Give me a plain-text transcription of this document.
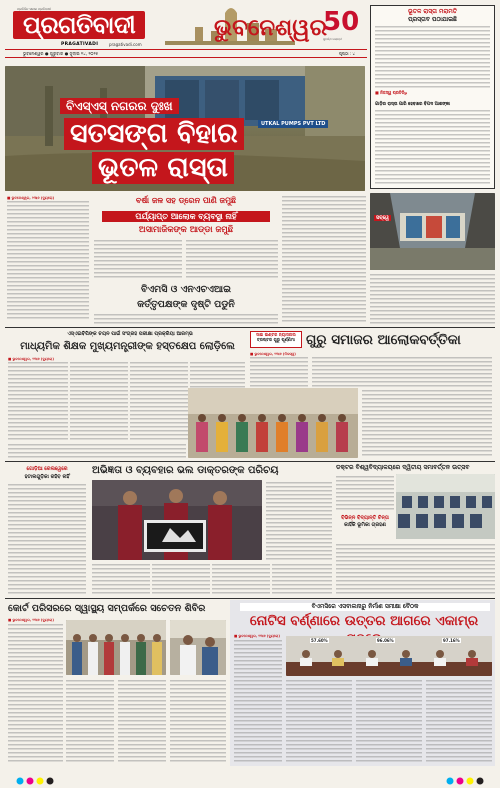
ପ୍ରତିଦିନ ସକାଳ ପ୍ରତିବାଦୀ
ପ୍ରଗତିବାଦୀ
PRAGATIVADI	pragativadi.com
ଭୁବନେଶ୍ୱର
50
ସୁବର୍ଣ୍ଣ ଜୟନ୍ତୀ
ଭୁବନେଶ୍ୱର ● ଗୁରୁବାର ● ଜୁଲାଇ ୨୪, ୨୦୨୫	ପୃଷ୍ଠା : ୪
ଭୂତଳ ରାସ୍ତା ମରାମତି
ପ୍ରସ୍ତାବ ପଠାଯାଇଛି
■ ନିଜସ୍ୱ ପ୍ରତିନିଧି
ଗାଡ଼ିର ରାସ୍ତା ପାରି ହେବାରେ ବିପଦ ଆଶଙ୍କା
UTKAL PUMPS PVT LTD
ବିଏସ୍ଏସ୍ ନଗରର ଦୁଃଖ
ସତସଙ୍ଗ ବିହାର
ଭୂତଳ ରାସ୍ତା
■ ଭୁବନେଶ୍ୱର, ୨୩ା୭ (ବ୍ୟୁରୋ)	ବର୍ଷା ଜଳ ସହ ଡ୍ରେନ ପାଣି ଜମୁଛି
ପର୍ଯ୍ୟାପ୍ତ ଆଲୋକ ବ୍ୟବସ୍ଥା ନାହିଁ
ଅସାମାଜିକଙ୍କ ଆଡ୍ଡା ଜମୁଛି
ବିଏମସି ଓ ଏନଏଚଏଆଇ
କର୍ତ୍ତୃପକ୍ଷଙ୍କ ଦୃଷ୍ଟି ପଡୁନି
ସବ୍‌ୱେ
ଏସ୍‌ଏଇବିପିଙ୍କ ଚୟନ ପାଇଁ ସଂଗ୍ରହ ପରୀକ୍ଷା ପ୍ରକ୍ରିୟା ଆରମ୍ଭ
ମାଧ୍ୟମିକ ଶିକ୍ଷକ ମୁଖ୍ୟମନ୍ତ୍ରୀଙ୍କ ହସ୍ତକ୍ଷେପ ଲୋଡ଼ିଲେ
■ ଭୁବନେଶ୍ୱର, ୨୩ା୭ (ବ୍ୟୁରୋ)
ସାଇ ଇଣ୍ଟର ନ୍ୟାସନାଲ
ଟ୍ରଷ୍ଟର ଗୁରୁ ପୂର୍ଣ୍ଣିମା ଗୁରୁ ସମାଜର ଆଲୋକବର୍ତ୍ତିକା
■ ଭୁବନେଶ୍ୱର, ୨୩ା୭ (ନିଜସ୍ୱ)
ଗୋଡ଼ିଆ ରେଲୱେରେ
ହଟାଲଗୁଡ଼ିକା ରହିବ ନାହିଁ
ଅଭିଜ୍ଞତା ଓ ବ୍ୟବହାର ଭଲ ଡାକ୍ତରଙ୍କ ପରିଚୟ	ଡକ୍ଟର ବିଶ୍ୱବିଦ୍ୟାଳୟରେ ଦ୍ୱିତୀୟ ସମାବର୍ତ୍ତନ ଉତ୍ସବ
ବିଭିନ୍ନ ବିଦ୍ୟାନ୍ତି ଚିନ୍ତା
କାହିଁକି ଭୂମିକା ଗ୍ରହଣ
କୋର୍ଟ ପରିସରରେ ସ୍ୱାସ୍ଥ୍ୟ ସମ୍ପର୍କରେ ସଚେତନ ଶିବିର
■ ଭୁବନେଶ୍ୱର, ୨୩ା୭ (ବ୍ୟୁରୋ)
ବିଏମସିରେ ଏସବାଲନାରୁ ନିର୍ମାଣ ସମୀକ୍ଷା ବୈଠକ
ନୋଟିସ ବର୍ଣ୍ଣାରେ ଉତ୍ତର ଆଗରେ ଏକାମ୍ର
■ ଭୁବନେଶ୍ୱର, ୨୩ା୭ (ବ୍ୟୁରୋ)
57.60%	96.06%	97.16%
